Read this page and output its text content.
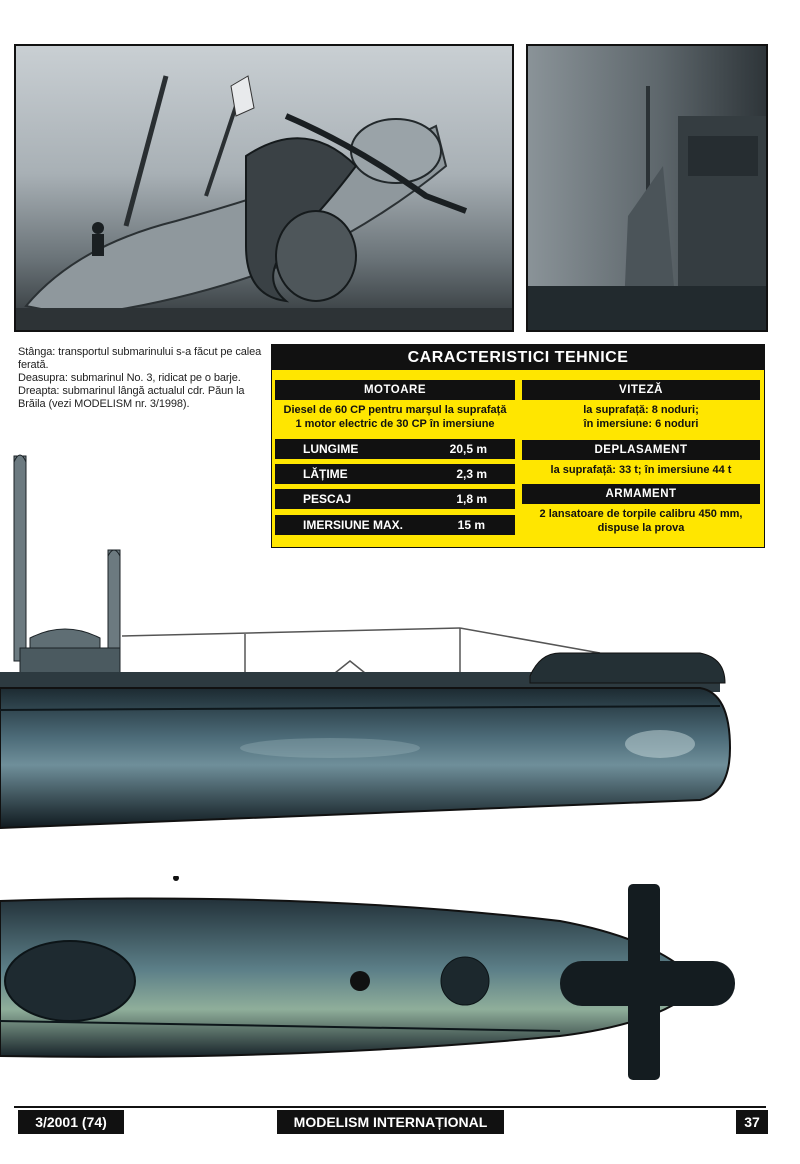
Stânga: transportul submarinului s-a făcut pe calea ferată.
Deasupra: submarinul No. 3, ridicat pe o barje.
Dreapta: submarinul lângă actualul cdr. Păun la Brăila (vezi MODELISM nr. 3/1998).
CARACTERISTICI TEHNICE
MOTOARE
Diesel de 60 CP pentru marșul la suprafață
1 motor electric de 30 CP în imersiune
LUNGIME	20,5 m
LĂȚIME	2,3 m
PESCAJ	1,8 m
IMERSIUNE MAX.	15 m
VITEZĂ
la suprafață: 8 noduri;
în imersiune: 6 noduri
DEPLASAMENT
la suprafață: 33 t; în imersiune 44 t
ARMAMENT
2 lansatoare de torpile calibru 450 mm,
dispuse la prova
3/2001 (74)	MODELISM INTERNAȚIONAL	37
